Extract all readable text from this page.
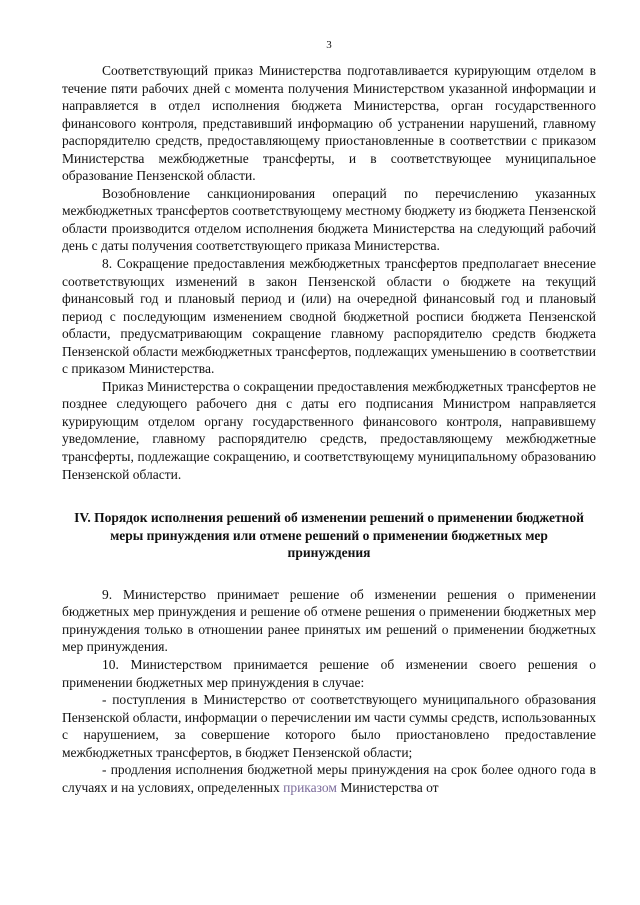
3

Соответствующий приказ Министерства подготавливается курирующим отделом в течение пяти рабочих дней с момента получения Министерством указанной информации и направляется в отдел исполнения бюджета Министерства, орган государственного финансового контроля, представивший информацию об устранении нарушений, главному распорядителю средств, предоставляющему приостановленные в соответствии с приказом Министерства межбюджетные трансферты, и в соответствующее муниципальное образование Пензенской области.

Возобновление санкционирования операций по перечислению указанных межбюджетных трансфертов соответствующему местному бюджету из бюджета Пензенской области производится отделом исполнения бюджета Министерства на следующий рабочий день с даты получения соответствующего приказа Министерства.

8. Сокращение предоставления межбюджетных трансфертов предполагает внесение соответствующих изменений в закон Пензенской области о бюджете на текущий финансовый год и плановый период и (или) на очередной финансовый год и плановый период с последующим изменением сводной бюджетной росписи бюджета Пензенской области, предусматривающим сокращение главному распорядителю средств бюджета Пензенской области межбюджетных трансфертов, подлежащих уменьшению в соответствии с приказом Министерства.

Приказ Министерства о сокращении предоставления межбюджетных трансфертов не позднее следующего рабочего дня с даты его подписания Министром направляется курирующим отделом органу государственного финансового контроля, направившему уведомление, главному распорядителю средств, предоставляющему межбюджетные трансферты, подлежащие сокращению, и соответствующему муниципальному образованию Пензенской области.

IV. Порядок исполнения решений об изменении решений о применении бюджетной меры принуждения или отмене решений о применении бюджетных мер принуждения

9. Министерство принимает решение об изменении решения о применении бюджетных мер принуждения и решение об отмене решения о применении бюджетных мер принуждения только в отношении ранее принятых им решений о применении бюджетных мер принуждения.

10. Министерством принимается решение об изменении своего решения о применении бюджетных мер принуждения в случае:

- поступления в Министерство от соответствующего муниципального образования Пензенской области, информации о перечислении им части суммы средств, использованных с нарушением, за совершение которого было приостановлено предоставление межбюджетных трансфертов, в бюджет Пензенской области;

- продления исполнения бюджетной меры принуждения на срок более одного года в случаях и на условиях, определенных приказом Министерства от
